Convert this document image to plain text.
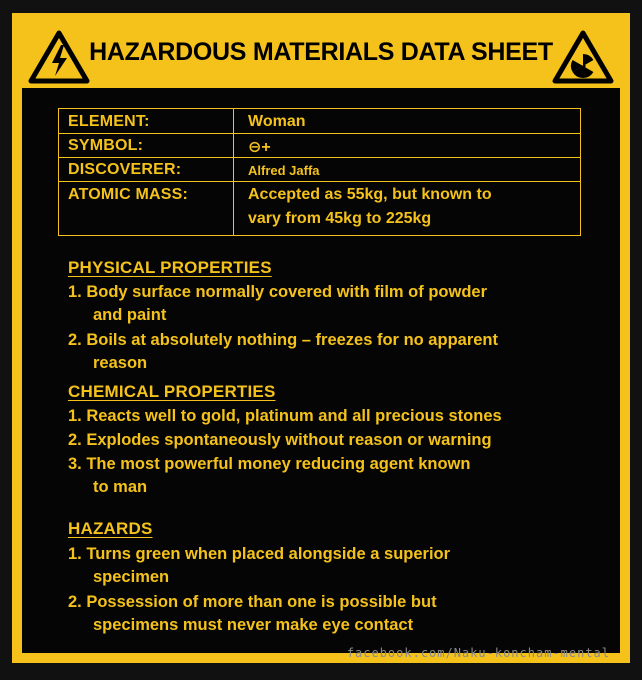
HAZARDOUS MATERIALS DATA SHEET
ELEMENT:	Woman
SYMBOL:	⊖+
DISCOVERER:	Alfred Jaffa
ATOMIC MASS:	Accepted as 55kg, but known to
vary from 45kg to 225kg
PHYSICAL PROPERTIES
1. Body surface normally covered with film of powder
and paint
2. Boils at absolutely nothing – freezes for no apparent
reason
CHEMICAL PROPERTIES
1. Reacts well to gold, platinum and all precious stones
2. Explodes spontaneously without reason or warning
3. The most powerful money reducing agent known
to man
HAZARDS
1. Turns green when placed alongside a superior
specimen
2. Possession of more than one is possible but
specimens must never make eye contact
facebook.com/Naku-koncham-mental
